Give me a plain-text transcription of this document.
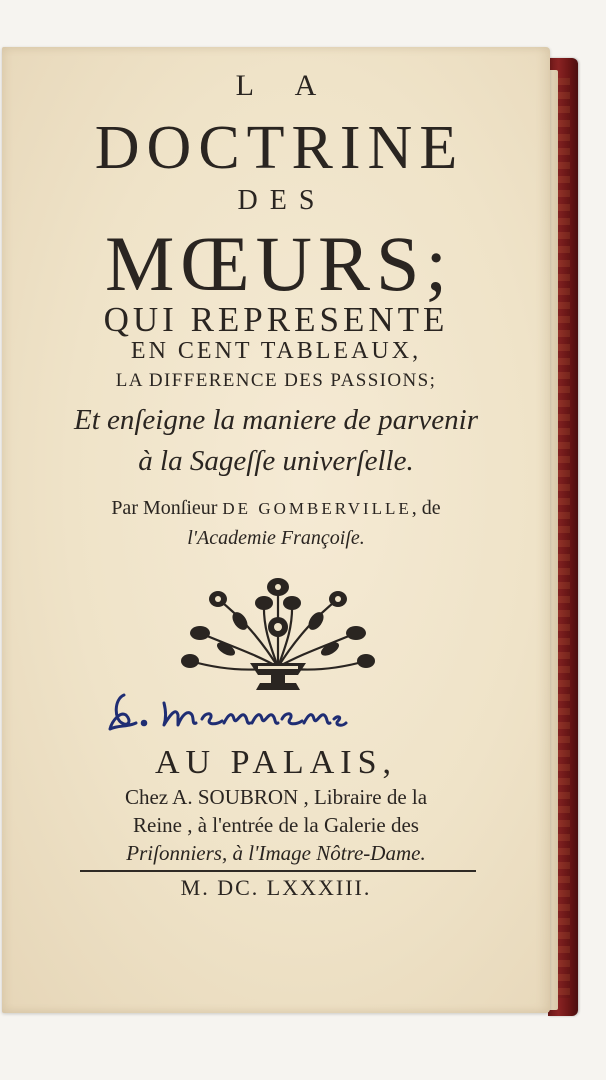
L A

DOCTRINE

DES

MŒURS;

QUI REPRESENTE

EN CENT TABLEAUX,

LA DIFFERENCE DES PASSIONS;

Et enſeigne la maniere de parvenir

à la Sageſſe univerſelle.

Par Monſieur DE GOMBERVILLE, de

l'Academie Françoiſe.

AU PALAIS,

Chez A. SOUBRON , Libraire de la

Reine , à l'entrée de la Galerie des

Priſonniers, à l'Image Nôtre-Dame.

M. DC. LXXXIII.
